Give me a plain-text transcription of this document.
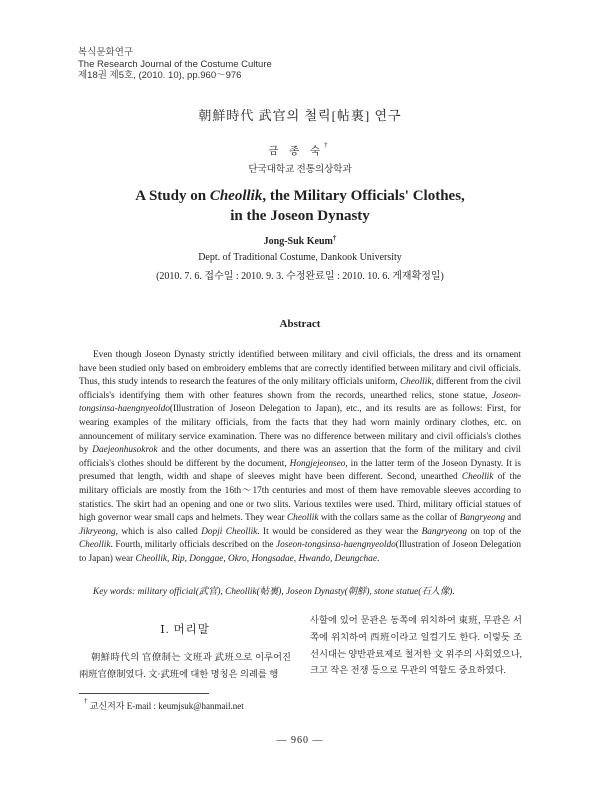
복식문화연구
The Research Journal of the Costume Culture
제18권 제5호, (2010. 10), pp.960～976
朝鮮時代 武官의 철릭[帖裏] 연구
금 종 숙†
단국대학교 전통의상학과
A Study on Cheollik, the Military Officials' Clothes,
in the Joseon Dynasty
Jong-Suk Keum†
Dept. of Traditional Costume, Dankook University
(2010. 7. 6. 접수일 : 2010. 9. 3. 수정완료일 : 2010. 10. 6. 게재확정일)
Abstract

Even though Joseon Dynasty strictly identified between military and civil officials, the dress and its ornament have been studied only based on embroidery emblems that are correctly identified between military and civil officials. Thus, this study intends to research the features of the only military officials uniform, Cheollik, different from the civil officials's identifying them with other features shown from the records, unearthed relics, stone statue, Joseon-tongsinsa-haengnyeoldo(Illustration of Joseon Delegation to Japan), etc., and its results are as follows: First, for wearing examples of the military officials, from the facts that they had worn mainly ordinary clothes, etc. on announcement of military service examination. There was no difference between military and civil officials's clothes by Daejeonhusokrok and the other documents, and there was an assertion that the form of the military and civil officials's clothes should be different by the document, Hongjejeonseo, in the latter term of the Joseon Dynasty. It is presumed that length, width and shape of sleeves might have been different. Second, unearthed Cheollik of the military officials are mostly from the 16th～17th centuries and most of them have removable sleeves according to statistics. The skirt had an opening and one or two slits. Various textiles were used. Third, military official statues of high governor wear small caps and helmets. They wear Cheollik with the collars same as the collar of Bangryeong and Jikryeong, which is also called Dopji Cheollik. It would be considered as they wear the Bangryeong on top of the Cheollik. Fourth, militarly officials described on the Joseon-tongsinsa-haengnyeoldo(Illustration of Joseon Delegation to Japan) wear Cheollik, Rip, Donggae, Okro, Hongsadae, Hwando, Deungchae.

Key words: military official(武官), Cheollik(帖裏), Joseon Dynasty(朝鮮), stone statue(石人像).
Ⅰ. 머리말

朝鮮時代의 官僚制는 文班과 武班으로 이루어진 兩班官僚制였다. 文·武班에 대한 명칭은 의례를 행

사할에 있어 문관은 동쪽에 위치하여 東班, 무관은 서쪽에 위치하여 西班이라고 일컬기도 한다. 이렇듯 조선시대는 양반관료제로 철저한 文 위주의 사회였으나, 크고 작은 전쟁 등으로 무관의 역할도 중요하였다.

† 교신저자 E-mail : keumjsuk@hanmail.net
— 960 —
